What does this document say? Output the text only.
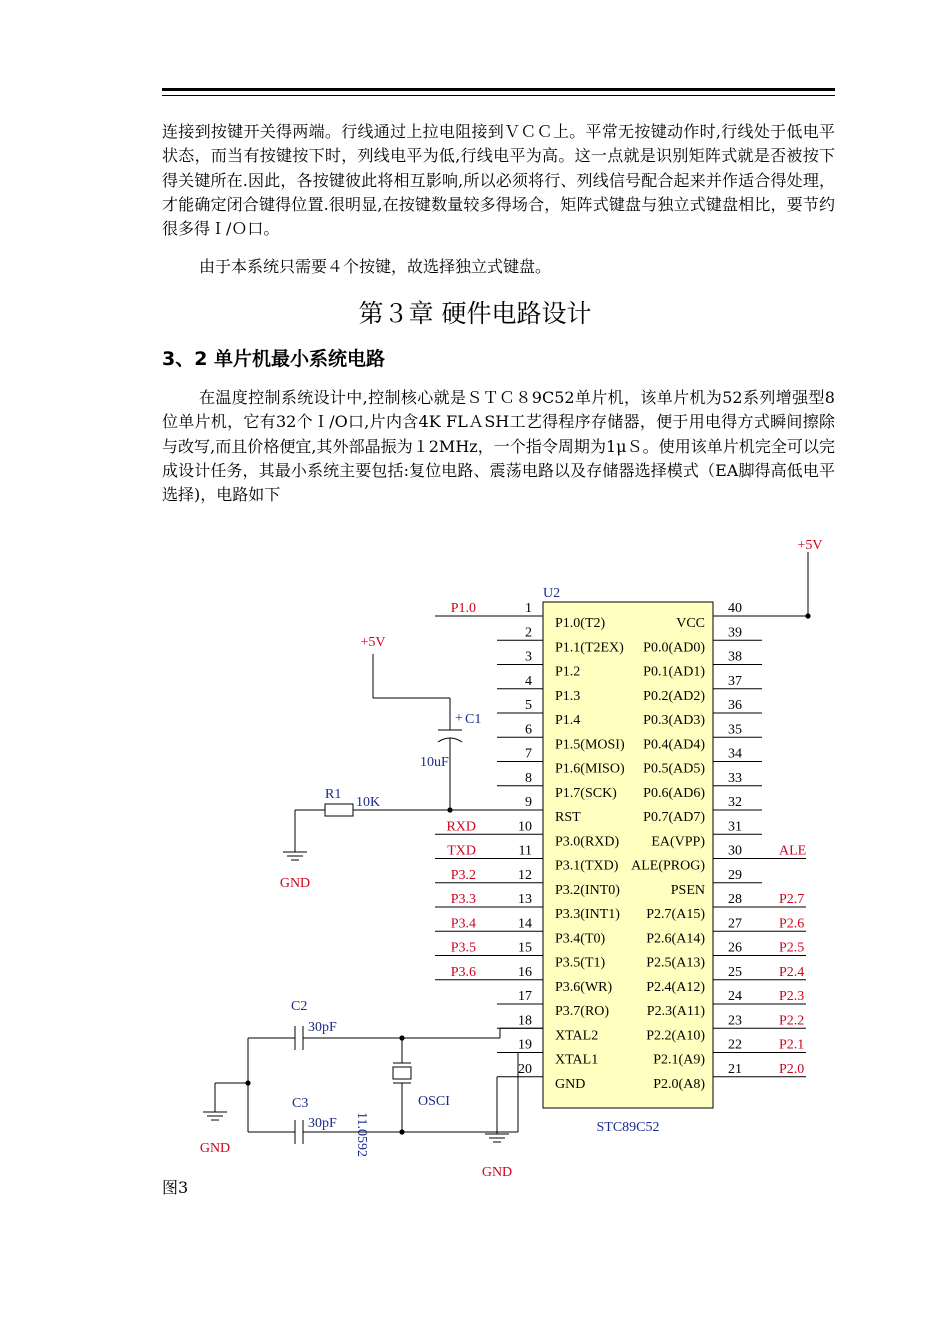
连接到按键开关得两端。行线通过上拉电阻接到ＶＣＣ上。平常无按键动作时,行线处于低电平状态，而当有按键按下时，列线电平为低,行线电平为高。这一点就是识别矩阵式就是否被按下得关键所在.因此，各按键彼此将相互影响,所以必须将行、列线信号配合起来并作适合得处理，才能确定闭合键得位置.很明显,在按键数量较多得场合，矩阵式键盘与独立式键盘相比，要节约很多得Ｉ/Ｏ口。

由于本系统只需要４个按键，故选择独立式键盘。

第３章 硬件电路设计
3、2 单片机最小系统电路

在温度控制系统设计中,控制核心就是ＳＴＣ８9C52单片机，该单片机为52系列增强型8位单片机，它有32个Ｉ/O口,片内含4K FLＡSH工艺得程序存储器，便于用电得方式瞬间擦除与改写,而且价格便宜,其外部晶振为１2MHz，一个指令周期为1μＳ。使用该单片机完全可以完成设计任务，其最小系统主要包括:复位电路、震荡电路以及存储器选择模式（EA脚得高低电平选择)，电路如下

U2
STC89C52
1
P1.0(T2)
P1.0
2
P1.1(T2EX)
3
P1.2
4
P1.3
5
P1.4
6
P1.5(MOSI)
7
P1.6(MISO)
8
P1.7(SCK)
9
RST
10
P3.0(RXD)
RXD
11
P3.1(TXD)
TXD
12
P3.2(INT0)
P3.2
13
P3.3(INT1)
P3.3
14
P3.4(T0)
P3.4
15
P3.5(T1)
P3.5
16
P3.6(WR)
P3.6
17
P3.7(RO)
18
XTAL2
19
XTAL1
20
GND
40
VCC
39
P0.0(AD0)
38
P0.1(AD1)
37
P0.2(AD2)
36
P0.3(AD3)
35
P0.4(AD4)
34
P0.5(AD5)
33
P0.6(AD6)
32
P0.7(AD7)
31
EA(VPP)
30
ALE(PROG)
ALE
29
PSEN
28
P2.7(A15)
P2.7
27
P2.6(A14)
P2.6
26
P2.5(A13)
P2.5
25
P2.4(A12)
P2.4
24
P2.3(A11)
P2.3
23
P2.2(A10)
P2.2
22
P2.1(A9)
P2.1
21
P2.0(A8)
P2.0
+5V
+5V
+ C1
10uF
R1
10K
GND
C2
30pF
OSCI
11.0592
C3
30pF
GND
GND
图3
